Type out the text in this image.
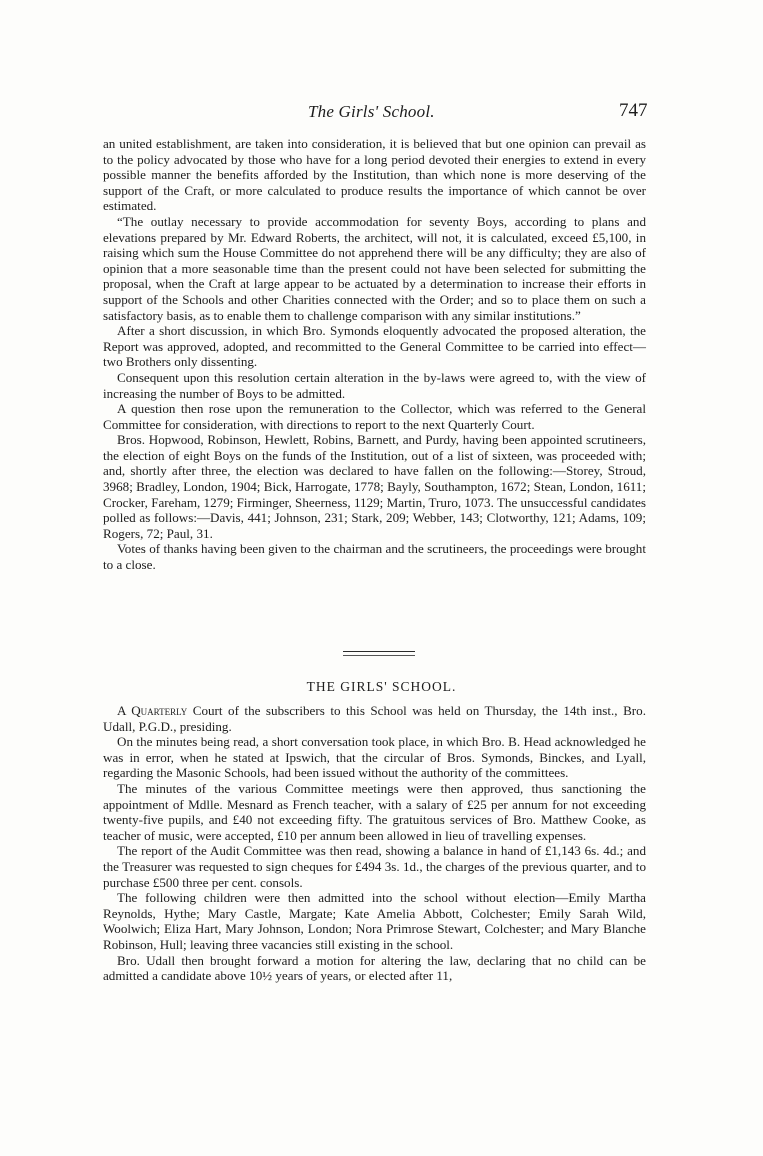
The Girls' School.	747

an united establishment, are taken into consideration, it is believed that but one opinion can prevail as to the policy advocated by those who have for a long period devoted their energies to extend in every possible manner the benefits afforded by the Institution, than which none is more deserving of the support of the Craft, or more calculated to produce results the importance of which cannot be over estimated.

“The outlay necessary to provide accommodation for seventy Boys, according to plans and elevations prepared by Mr. Edward Roberts, the architect, will not, it is calculated, exceed £5,100, in raising which sum the House Committee do not apprehend there will be any difficulty; they are also of opinion that a more seasonable time than the present could not have been selected for submitting the proposal, when the Craft at large appear to be actuated by a determination to increase their efforts in support of the Schools and other Charities connected with the Order; and so to place them on such a satisfactory basis, as to enable them to challenge comparison with any similar institutions.”

After a short discussion, in which Bro. Symonds eloquently advocated the proposed alteration, the Report was approved, adopted, and recommitted to the General Committee to be carried into effect—two Brothers only dissenting.

Consequent upon this resolution certain alteration in the by-laws were agreed to, with the view of increasing the number of Boys to be admitted.

A question then rose upon the remuneration to the Collector, which was referred to the General Committee for consideration, with directions to report to the next Quarterly Court.

Bros. Hopwood, Robinson, Hewlett, Robins, Barnett, and Purdy, having been appointed scrutineers, the election of eight Boys on the funds of the Institution, out of a list of sixteen, was proceeded with; and, shortly after three, the election was declared to have fallen on the following:—Storey, Stroud, 3968; Bradley, London, 1904; Bick, Harrogate, 1778; Bayly, Southampton, 1672; Stean, London, 1611; Crocker, Fareham, 1279; Firminger, Sheerness, 1129; Martin, Truro, 1073. The unsuccessful candidates polled as follows:—Davis, 441; Johnson, 231; Stark, 209; Webber, 143; Clotworthy, 121; Adams, 109; Rogers, 72; Paul, 31.

Votes of thanks having been given to the chairman and the scrutineers, the proceedings were brought to a close.

THE GIRLS' SCHOOL.

A Quarterly Court of the subscribers to this School was held on Thursday, the 14th inst., Bro. Udall, P.G.D., presiding.

On the minutes being read, a short conversation took place, in which Bro. B. Head acknowledged he was in error, when he stated at Ipswich, that the circular of Bros. Symonds, Binckes, and Lyall, regarding the Masonic Schools, had been issued without the authority of the committees.

The minutes of the various Committee meetings were then approved, thus sanctioning the appointment of Mdlle. Mesnard as French teacher, with a salary of £25 per annum for not exceeding twenty-five pupils, and £40 not exceeding fifty. The gratuitous services of Bro. Matthew Cooke, as teacher of music, were accepted, £10 per annum been allowed in lieu of travelling expenses.

The report of the Audit Committee was then read, showing a balance in hand of £1,143 6s. 4d.; and the Treasurer was requested to sign cheques for £494 3s. 1d., the charges of the previous quarter, and to purchase £500 three per cent. consols.

The following children were then admitted into the school without election—Emily Martha Reynolds, Hythe; Mary Castle, Margate; Kate Amelia Abbott, Colchester; Emily Sarah Wild, Woolwich; Eliza Hart, Mary Johnson, London; Nora Primrose Stewart, Colchester; and Mary Blanche Robinson, Hull; leaving three vacancies still existing in the school.

Bro. Udall then brought forward a motion for altering the law, declaring that no child can be admitted a candidate above 10½ years of years, or elected after 11,
